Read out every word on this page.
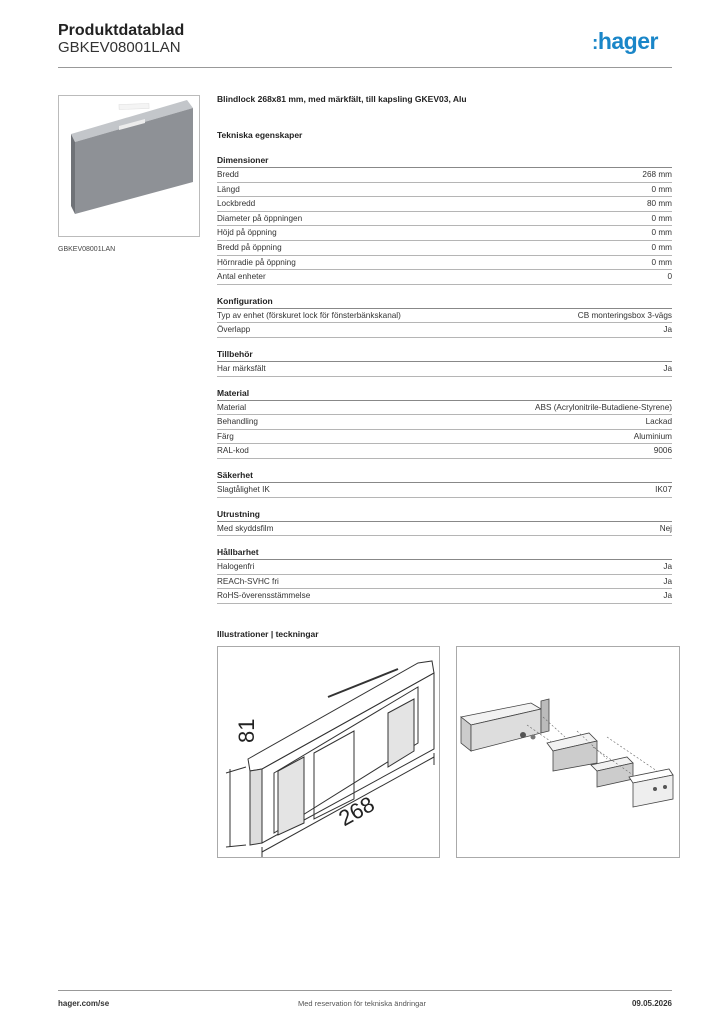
Produktdatablad
GBKEV08001LAN	:hager
GBKEV08001LAN
Blindlock 268x81 mm, med märkfält, till kapsling GKEV03, Alu
Tekniska egenskaper
Dimensioner
Bredd	268 mm
Längd	0 mm
Lockbredd	80 mm
Diameter på öppningen	0 mm
Höjd på öppning	0 mm
Bredd på öppning	0 mm
Hörnradie på öppning	0 mm
Antal enheter	0
Konfiguration
Typ av enhet (förskuret lock för fönsterbänkskanal)	CB monteringsbox 3-vägs
Överlapp	Ja
Tillbehör
Har märksfält	Ja
Material
Material	ABS (Acrylonitrile-Butadiene-Styrene)
Behandling	Lackad
Färg	Aluminium
RAL-kod	9006
Säkerhet
Slagtålighet IK	IK07
Utrustning
Med skyddsfilm	Nej
Hållbarhet
Halogenfri	Ja
REACh-SVHC fri	Ja
RoHS-överensstämmelse	Ja
Illustrationer | teckningar
81
268
hager.com/se	Med reservation för tekniska ändringar	09.05.2026
